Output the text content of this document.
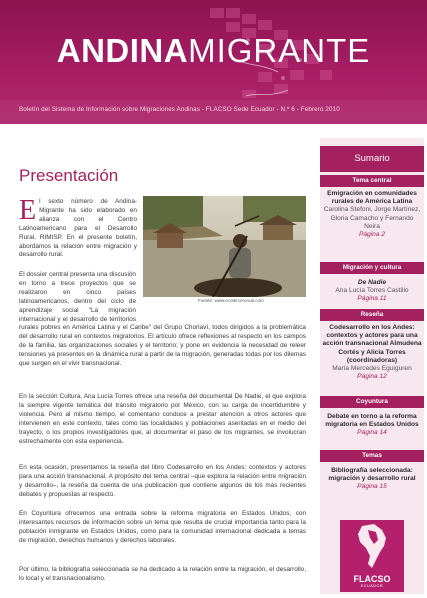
ANDINAMIGRANTE
Boletín del Sistema de Información sobre Migraciones Andinas - FLACSO Sede Ecuador - N.º 6 - Febrero 2010
Presentación
El sexto número de Andina-Migrante ha sido elaborado en alianza con el Centro Latinoamericano para el Desarrollo Rural, RIMISP. En el presente boletín, abordamos la relación entre migración y desarrollo rural.
Fuente: www.ecotercerurual.com
El dossier central presenta una discusión en torno a trece proyectos que se realizaron en cinco países latinoamericanos, dentro del ciclo de aprendizaje social "La migración internacional y el desarrollo de territorios rurales pobres en América Latina y el Caribe" del Grupo Chorlaví, todos dirigidos a la problemática del desarrollo rural en contextos migratorios. El artículo ofrece reflexiones al respecto en los campos de la familia, las organizaciones sociales y el territorio; y pone en evidencia la necesidad de releer tensiones ya presentes en la dinámica rural a partir de la migración, generadas todas por los dilemas que surgen en el vivir transnacional.
En la sección Cultura, Ana Lucía Torres ofrece una reseña del documental De Nadie, el que explora la siempre vigente temática del tránsito migratorio por México, con su carga de incertidumbre y violencia. Pero al mismo tiempo, el comentario conduce a prestar atención a otros actores que intervienen en este contexto, tales como las localidades y poblaciones asentadas en el medio del trayecto, o los propios investigadores que, al documentar el paso de los migrantes, se involucran estrechamente con esta experiencia.
En esta ocasión, presentamos la reseña del libro Codesarrollo en los Andes: contextos y actores para una acción transnacional. A propósito del tema central –que explora la relación entre migración y desarrollo–, la reseña da cuenta de una publicación que contiene algunos de los más recientes debates y propuestas al respecto.
En Coyuntura ofrecemos una entrada sobre la reforma migratoria en Estados Unidos, con interesantes recursos de información sobre un tema que resulta de crucial importancia tanto para la población inmigrante en Estados Unidos, como para la comunidad internacional dedicada a temas de migración, derechos humanos y derechos laborales.
Por último, la bibliografía seleccionada se ha dedicado a la relación entre la migración, el desarrollo, lo local y el transnacionalismo.
Sumario
Tema central
Emigración en comunidades rurales de América Latina
Carolina Stefoni, Jorge Martínez, Gloria Camacho y Fernando Neira
Página 2
Migración y cultura
De Nadie
Ana Lucía Torres Castillo
Página 11
Reseña
Codesarrollo en los Andes: contextos y actores para una acción transnacional Almudena Cortés y Alicia Torres (coordinadoras)
María Mercedes Eguiguren
Página 12
Coyuntura
Debate en torno a la reforma migratoria en Estados Unidos
Página 14
Temas
Bibliografía seleccionada: migración y desarrollo rural
Página 15
FLACSO
ECUADOR
